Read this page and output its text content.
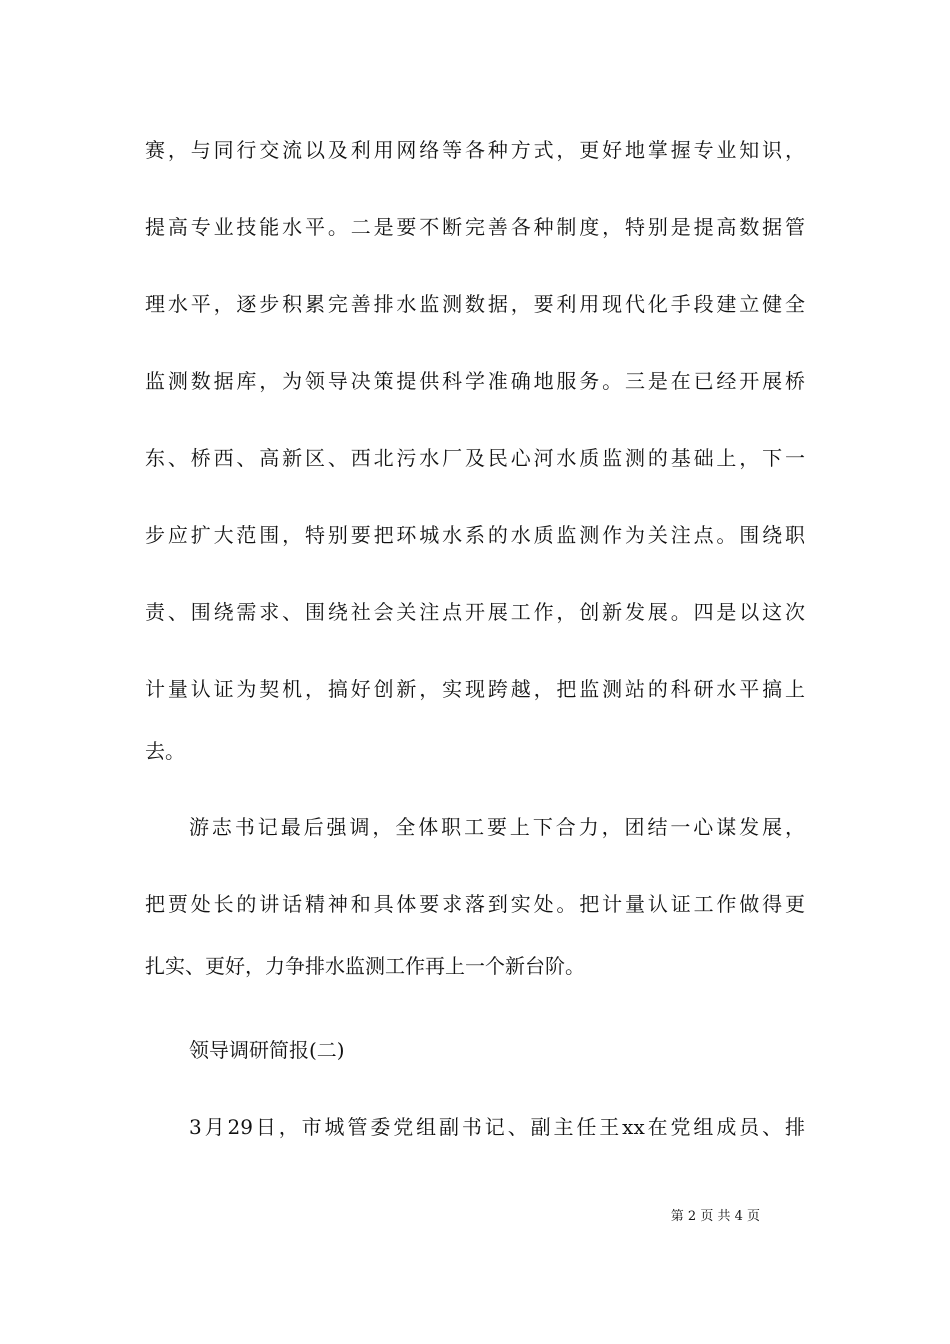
赛，与同行交流以及利用网络等各种方式，更好地掌握专业知识，
提高专业技能水平。二是要不断完善各种制度，特别是提高数据管
理水平，逐步积累完善排水监测数据，要利用现代化手段建立健全
监测数据库，为领导决策提供科学准确地服务。三是在已经开展桥
东、桥西、高新区、西北污水厂及民心河水质监测的基础上，下一
步应扩大范围，特别要把环城水系的水质监测作为关注点。围绕职
责、围绕需求、围绕社会关注点开展工作，创新发展。四是以这次
计量认证为契机，搞好创新，实现跨越，把监测站的科研水平搞上
去。
游志书记最后强调，全体职工要上下合力，团结一心谋发展，
把贾处长的讲话精神和具体要求落到实处。把计量认证工作做得更
扎实、更好，力争排水监测工作再上一个新台阶。
领导调研简报(二)
3月29日，市城管委党组副书记、副主任王xx在党组成员、排
第 2 页 共 4 页
